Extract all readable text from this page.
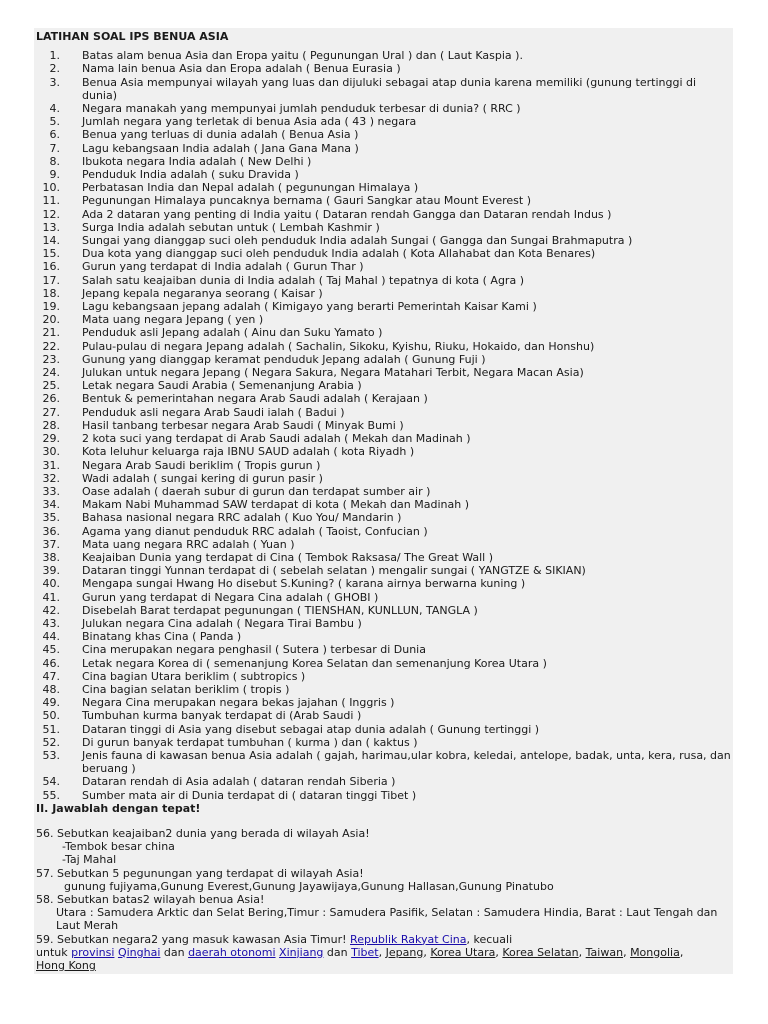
LATIHAN SOAL IPS BENUA ASIA
1. Batas alam benua Asia dan Eropa yaitu ( Pegunungan Ural ) dan ( Laut Kaspia ).
2. Nama lain benua Asia dan Eropa adalah ( Benua Eurasia )
3. Benua Asia mempunyai wilayah yang luas dan dijuluki sebagai atap dunia karena memiliki (gunung tertinggi di dunia)
4. Negara manakah yang mempunyai jumlah penduduk terbesar di dunia? ( RRC )
5. Jumlah negara yang terletak di benua Asia ada ( 43 ) negara
6. Benua yang terluas di dunia adalah ( Benua Asia )
7. Lagu kebangsaan India adalah ( Jana Gana Mana )
8. Ibukota negara India adalah ( New Delhi )
9. Penduduk India adalah ( suku Dravida )
10. Perbatasan India dan Nepal adalah ( pegunungan Himalaya )
11. Pegunungan Himalaya puncaknya bernama ( Gauri Sangkar atau Mount Everest )
12. Ada 2 dataran yang penting di India yaitu ( Dataran rendah Gangga dan Dataran rendah Indus )
13. Surga India adalah sebutan untuk ( Lembah Kashmir )
14. Sungai yang dianggap suci oleh penduduk India adalah Sungai ( Gangga dan Sungai Brahmaputra )
15. Dua kota yang dianggap suci oleh penduduk India adalah ( Kota Allahabat dan Kota Benares)
16. Gurun yang terdapat di India adalah ( Gurun Thar )
17. Salah satu keajaiban dunia di India adalah ( Taj Mahal ) tepatnya di kota ( Agra )
18. Jepang kepala negaranya seorang ( Kaisar )
19. Lagu kebangsaan jepang adalah ( Kimigayo yang berarti Pemerintah Kaisar Kami )
20. Mata uang negara Jepang ( yen )
21. Penduduk asli Jepang adalah ( Ainu dan Suku Yamato )
22. Pulau-pulau di negara Jepang adalah ( Sachalin, Sikoku, Kyishu, Riuku, Hokaido, dan Honshu)
23. Gunung yang dianggap keramat penduduk Jepang adalah ( Gunung Fuji )
24. Julukan untuk negara Jepang ( Negara Sakura, Negara Matahari Terbit, Negara Macan Asia)
25. Letak negara Saudi Arabia ( Semenanjung Arabia )
26. Bentuk & pemerintahan negara Arab Saudi adalah ( Kerajaan )
27. Penduduk asli negara Arab Saudi ialah ( Badui )
28. Hasil tanbang terbesar negara Arab Saudi ( Minyak Bumi )
29. 2 kota suci yang terdapat di Arab Saudi adalah ( Mekah dan Madinah )
30. Kota leluhur keluarga raja IBNU SAUD adalah ( kota Riyadh )
31. Negara Arab Saudi beriklim ( Tropis gurun )
32. Wadi adalah ( sungai kering di gurun pasir )
33. Oase adalah ( daerah subur di gurun dan terdapat sumber air )
34. Makam Nabi Muhammad SAW terdapat di kota ( Mekah dan Madinah )
35. Bahasa nasional negara RRC adalah ( Kuo You/ Mandarin )
36. Agama yang dianut penduduk RRC adalah ( Taoist, Confucian )
37. Mata uang negara RRC adalah ( Yuan )
38. Keajaiban Dunia yang terdapat di Cina ( Tembok Raksasa/ The Great Wall )
39. Dataran tinggi Yunnan terdapat di ( sebelah selatan ) mengalir sungai ( YANGTZE & SIKIAN)
40. Mengapa sungai Hwang Ho disebut S.Kuning? ( karana airnya berwarna kuning )
41. Gurun yang terdapat di Negara Cina adalah ( GHOBI )
42. Disebelah Barat terdapat pegunungan ( TIENSHAN, KUNLLUN, TANGLA )
43. Julukan negara Cina adalah ( Negara Tirai Bambu )
44. Binatang khas Cina ( Panda )
45. Cina merupakan negara penghasil ( Sutera ) terbesar di Dunia
46. Letak negara Korea di ( semenanjung Korea Selatan dan semenanjung Korea Utara )
47. Cina bagian Utara beriklim ( subtropics )
48. Cina bagian selatan beriklim ( tropis )
49. Negara Cina merupakan negara bekas jajahan ( Inggris )
50. Tumbuhan kurma banyak terdapat di (Arab Saudi )
51. Dataran tinggi di Asia yang disebut sebagai atap dunia adalah ( Gunung tertinggi )
52. Di gurun banyak terdapat tumbuhan ( kurma ) dan ( kaktus )
53. Jenis fauna di kawasan benua Asia adalah ( gajah, harimau,ular kobra, keledai, antelope, badak, unta, kera, rusa, dan beruang )
54. Dataran rendah di Asia adalah ( dataran rendah Siberia )
55. Sumber mata air di Dunia terdapat di ( dataran tinggi Tibet )
II. Jawablah dengan tepat!
56. Sebutkan keajaiban2 dunia yang berada di wilayah Asia!
-Tembok besar china
-Taj Mahal
57. Sebutkan 5 pegunungan yang terdapat di wilayah Asia!
gunung fujiyama,Gunung Everest,Gunung Jayawijaya,Gunung Hallasan,Gunung Pinatubo
58. Sebutkan batas2 wilayah benua Asia!
Utara : Samudera Arktic dan Selat Bering,Timur : Samudera Pasifik, Selatan : Samudera Hindia, Barat : Laut Tengah dan Laut Merah
59. Sebutkan negara2 yang masuk kawasan Asia Timur! Republik Rakyat Cina, kecuali
untuk provinsi Qinghai dan daerah otonomi Xinjiang dan Tibet, Jepang, Korea Utara, Korea Selatan, Taiwan, Mongolia,
Hong Kong
